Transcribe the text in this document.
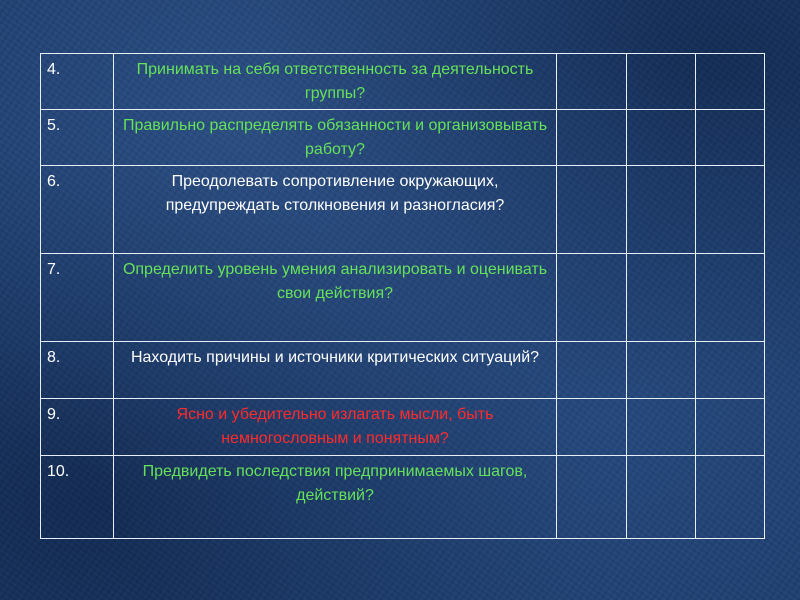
4.	Принимать на себя ответственность за деятельность группы?			
5.	Правильно распределять обязанности и организовывать работу?			
6.	Преодолевать сопротивление окружающих, предупреждать столкновения и разногласия?			
7.	Определить уровень умения анализировать и оценивать свои действия?			
8.	Находить причины и источники критических ситуаций?			
9.	Ясно и убедительно излагать мысли, быть немногословным и понятным?			
10.	Предвидеть последствия предпринимаемых шагов, действий?			
